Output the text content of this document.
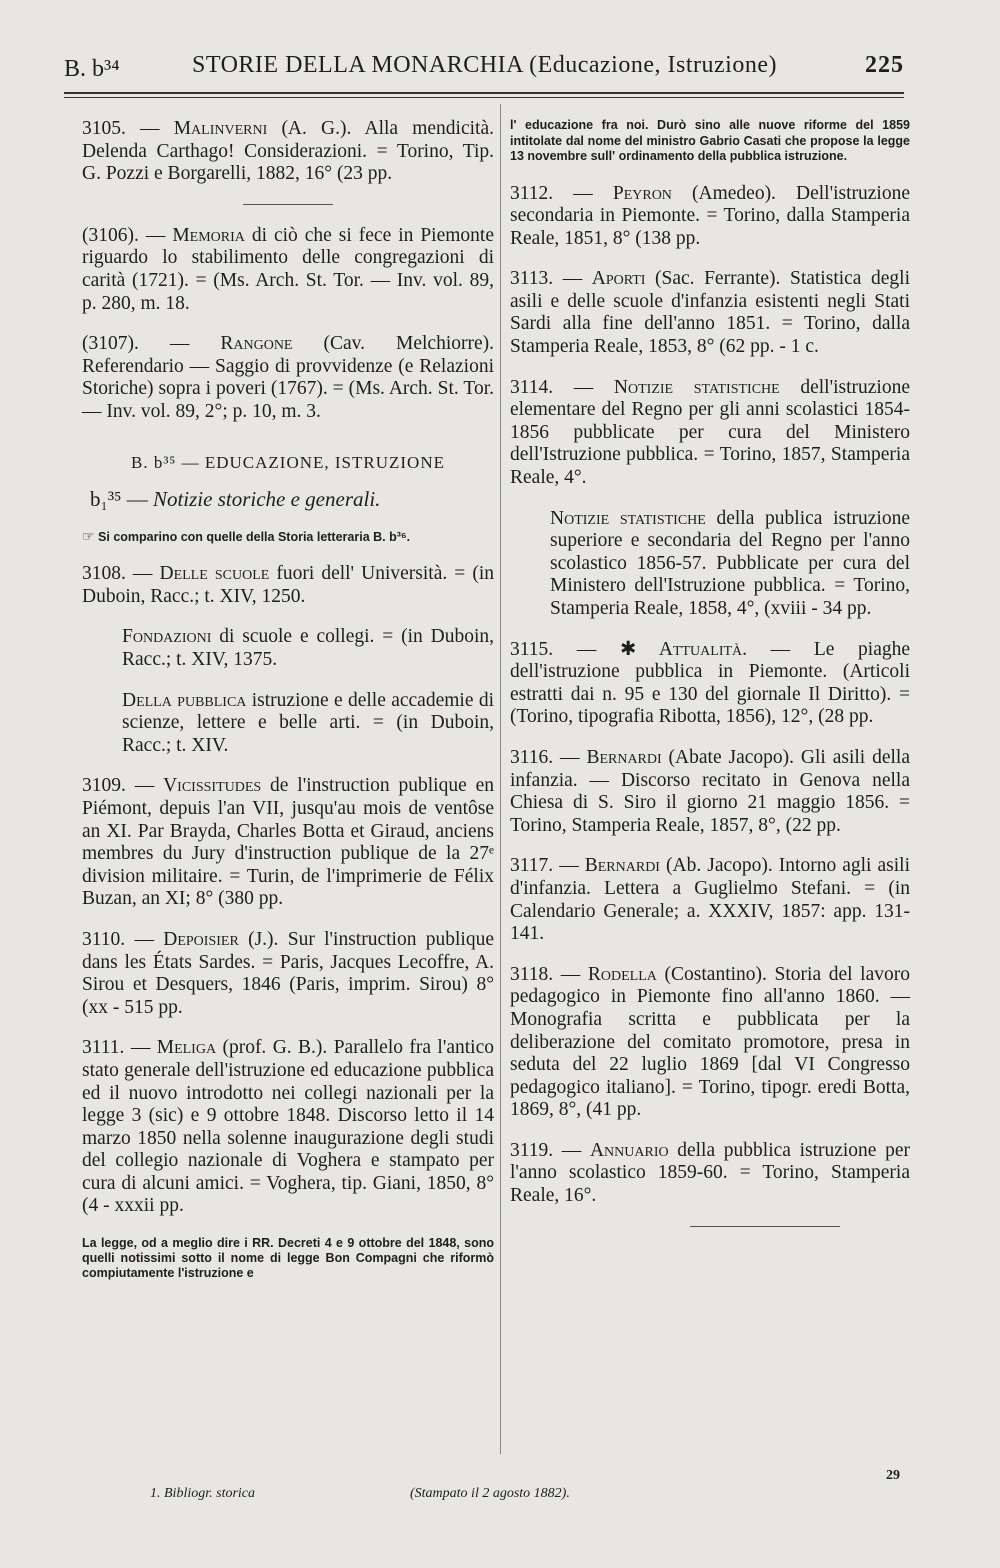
B. b³⁴	STORIE DELLA MONARCHIA (Educazione, Istruzione)	225
3105. — Malinverni (A. G.). Alla mendicità. Delenda Carthago! Considerazioni. = Torino, Tip. G. Pozzi e Borgarelli, 1882, 16° (23 pp.
(3106). — Memoria di ciò che si fece in Piemonte riguardo lo stabilimento delle congregazioni di carità (1721). = (Ms. Arch. St. Tor. — Inv. vol. 89, p. 280, m. 18.
(3107). — Rangone (Cav. Melchiorre). Referendario — Saggio di provvidenze (e Relazioni Storiche) sopra i poveri (1767). = (Ms. Arch. St. Tor. — Inv. vol. 89, 2°; p. 10, m. 3.
B. b³⁵ — EDUCAZIONE, ISTRUZIONE
b₁³⁵ — Notizie storiche e generali.
☞ Si comparino con quelle della Storia letteraria B. b³⁶.
3108. — Delle scuole fuori dell' Università. = (in Duboin, Racc.; t. XIV, 1250.
Fondazioni di scuole e collegi. = (in Duboin, Racc.; t. XIV, 1375.
Della pubblica istruzione e delle accademie di scienze, lettere e belle arti. = (in Duboin, Racc.; t. XIV.
3109. — Vicissitudes de l'instruction publique en Piémont, depuis l'an VII, jusqu'au mois de ventôse an XI. Par Brayda, Charles Botta et Giraud, anciens membres du Jury d'instruction publique de la 27ᵉ division militaire. = Turin, de l'imprimerie de Félix Buzan, an XI; 8° (380 pp.
3110. — Depoisier (J.). Sur l'instruction publique dans les États Sardes. = Paris, Jacques Lecoffre, A. Sirou et Desquers, 1846 (Paris, imprim. Sirou) 8° (xx - 515 pp.
3111. — Meliga (prof. G. B.). Parallelo fra l'antico stato generale dell'istruzione ed educazione pubblica ed il nuovo introdotto nei collegi nazionali per la legge 3 (sic) e 9 ottobre 1848. Discorso letto il 14 marzo 1850 nella solenne inaugurazione degli studi del collegio nazionale di Voghera e stampato per cura di alcuni amici. = Voghera, tip. Giani, 1850, 8° (4 - xxxii pp.
La legge, od a meglio dire i RR. Decreti 4 e 9 ottobre del 1848, sono quelli notissimi sotto il nome di legge Bon Compagni che riformò compiutamente l'istruzione e
l' educazione fra noi. Durò sino alle nuove riforme del 1859 intitolate dal nome del ministro Gabrio Casati che propose la legge 13 novembre sull' ordinamento della pubblica istruzione.
3112. — Peyron (Amedeo). Dell'istruzione secondaria in Piemonte. = Torino, dalla Stamperia Reale, 1851, 8° (138 pp.
3113. — Aporti (Sac. Ferrante). Statistica degli asili e delle scuole d'infanzia esistenti negli Stati Sardi alla fine dell'anno 1851. = Torino, dalla Stamperia Reale, 1853, 8° (62 pp. - 1 c.
3114. — Notizie statistiche dell'istruzione elementare del Regno per gli anni scolastici 1854-1856 pubblicate per cura del Ministero dell'Istruzione pubblica. = Torino, 1857, Stamperia Reale, 4°.
Notizie statistiche della publica istruzione superiore e secondaria del Regno per l'anno scolastico 1856-57. Pubblicate per cura del Ministero dell'Istruzione pubblica. = Torino, Stamperia Reale, 1858, 4°, (xviii - 34 pp.
3115. — ✱ Attualità. — Le piaghe dell'istruzione pubblica in Piemonte. (Articoli estratti dai n. 95 e 130 del giornale Il Diritto). = (Torino, tipografia Ribotta, 1856), 12°, (28 pp.
3116. — Bernardi (Abate Jacopo). Gli asili della infanzia. — Discorso recitato in Genova nella Chiesa di S. Siro il giorno 21 maggio 1856. = Torino, Stamperia Reale, 1857, 8°, (22 pp.
3117. — Bernardi (Ab. Jacopo). Intorno agli asili d'infanzia. Lettera a Guglielmo Stefani. = (in Calendario Generale; a. XXXIV, 1857: app. 131-141.
3118. — Rodella (Costantino). Storia del lavoro pedagogico in Piemonte fino all'anno 1860. — Monografia scritta e pubblicata per la deliberazione del comitato promotore, presa in seduta del 22 luglio 1869 [dal VI Congresso pedagogico italiano]. = Torino, tipogr. eredi Botta, 1869, 8°, (41 pp.
3119. — Annuario della pubblica istruzione per l'anno scolastico 1859-60. = Torino, Stamperia Reale, 16°.
1. Bibliogr. storica	(Stampato il 2 agosto 1882).
29
